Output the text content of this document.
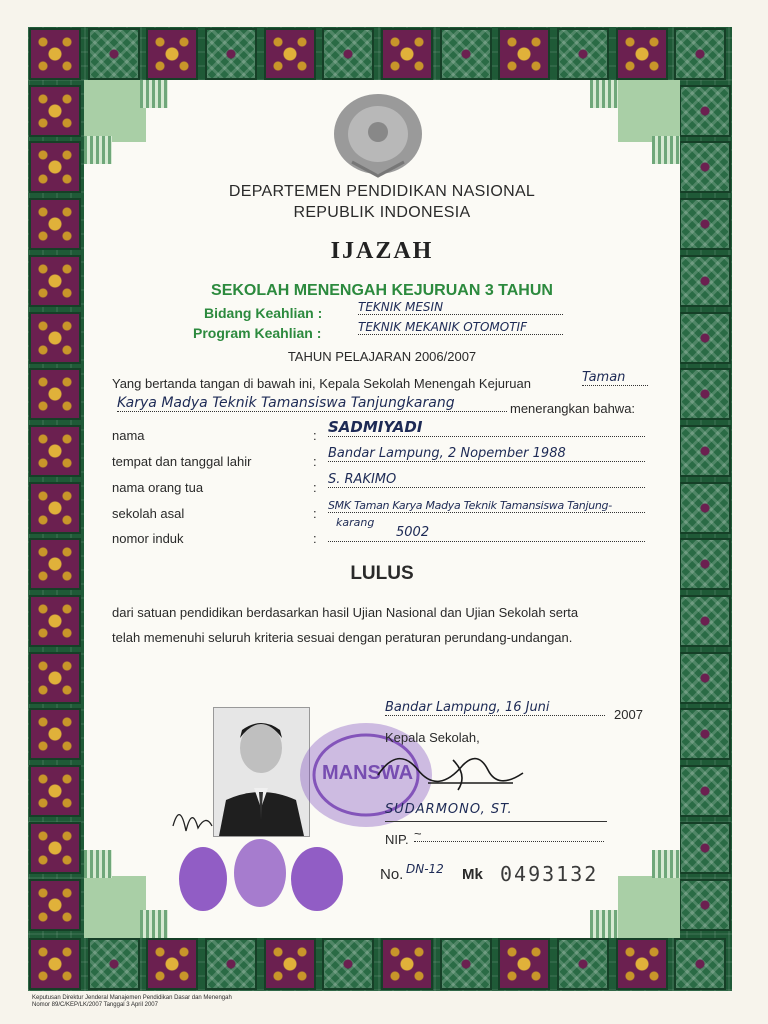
DEPARTEMEN PENDIDIKAN NASIONAL
REPUBLIK INDONESIA
IJAZAH
SEKOLAH MENENGAH KEJURUAN 3 TAHUN
Bidang Keahlian :	TEKNIK MESIN
Program Keahlian :	TEKNIK MEKANIK OTOMOTIF
TAHUN PELAJARAN 2006/2007
Yang bertanda tangan di bawah ini, Kepala Sekolah Menengah Kejuruan	Taman
Karya Madya Teknik Tamansiswa Tanjungkarang	menerangkan bahwa:
nama	: SADMIYADI
tempat dan tanggal lahir	:
Bandar Lampung, 2 Nopember 1988
nama orang tua	:
S. RAKIMO
sekolah asal	:
SMK Taman Karya Madya Teknik Tamansiswa Tanjung-
karang
nomor induk	:	5002
LULUS
dari satuan pendidikan berdasarkan hasil Ujian Nasional dan Ujian Sekolah serta
telah memenuhi seluruh kriteria sesuai dengan peraturan perundang-undangan.
MANSWA
Bandar Lampung, 16 Juni	2007
Kepala Sekolah,
SUDARMONO, ST.
NIP. ~
No. DN-12 Mk 0493132
Keputusan Direktur Jenderal Manajemen Pendidikan Dasar dan Menengah
Nomor 89/C/KEP/LK/2007 Tanggal 3 April 2007
